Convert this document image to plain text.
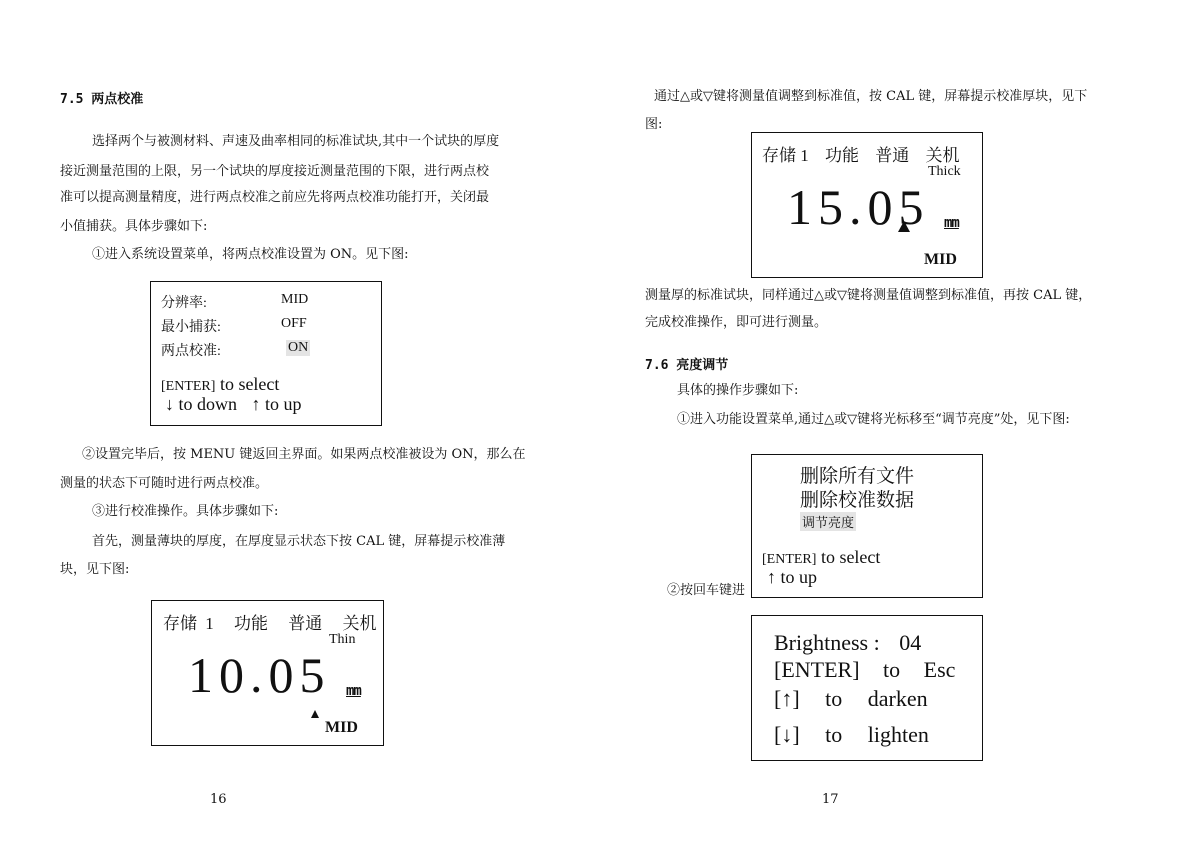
7.5 两点校准
选择两个与被测材料、声速及曲率相同的标准试块,其中一个试块的厚度
接近测量范围的上限，另一个试块的厚度接近测量范围的下限，进行两点校
准可以提高测量精度，进行两点校准之前应先将两点校准功能打开，关闭最
小值捕获。具体步骤如下:
①进入系统设置菜单，将两点校准设置为 ON。见下图:
分辨率:	MID
最小捕获:	OFF
两点校准:	ON
[ENTER] to select
↓ to down ↑ to up
②设置完毕后，按 MENU 键返回主界面。如果两点校准被设为 ON，那么在
测量的状态下可随时进行两点校准。
③进行校准操作。具体步骤如下:
首先，测量薄块的厚度，在厚度显示状态下按 CAL 键，屏幕提示校准薄
块，见下图:
存储 1 功能 普通 关机
Thin
10.05 mm
MID
16
通过△或▽键将测量值调整到标准值，按 CAL 键，屏幕提示校准厚块，见下
图:
存储 1 功能 普通 关机
Thick
15.05 mm
MID
测量厚的标准试块，同样通过△或▽键将测量值调整到标准值，再按 CAL 键，
完成校准操作，即可进行测量。
7.6 亮度调节
具体的操作步骤如下:
①进入功能设置菜单,通过△或▽键将光标移至“调节亮度”处，见下图:
②按回车键进
删除所有文件
删除校准数据
调节亮度
[ENTER] to select
↑ to up
Brightness : 04
[ENTER] to Esc
[↑] to darken
[↓] to lighten
17
